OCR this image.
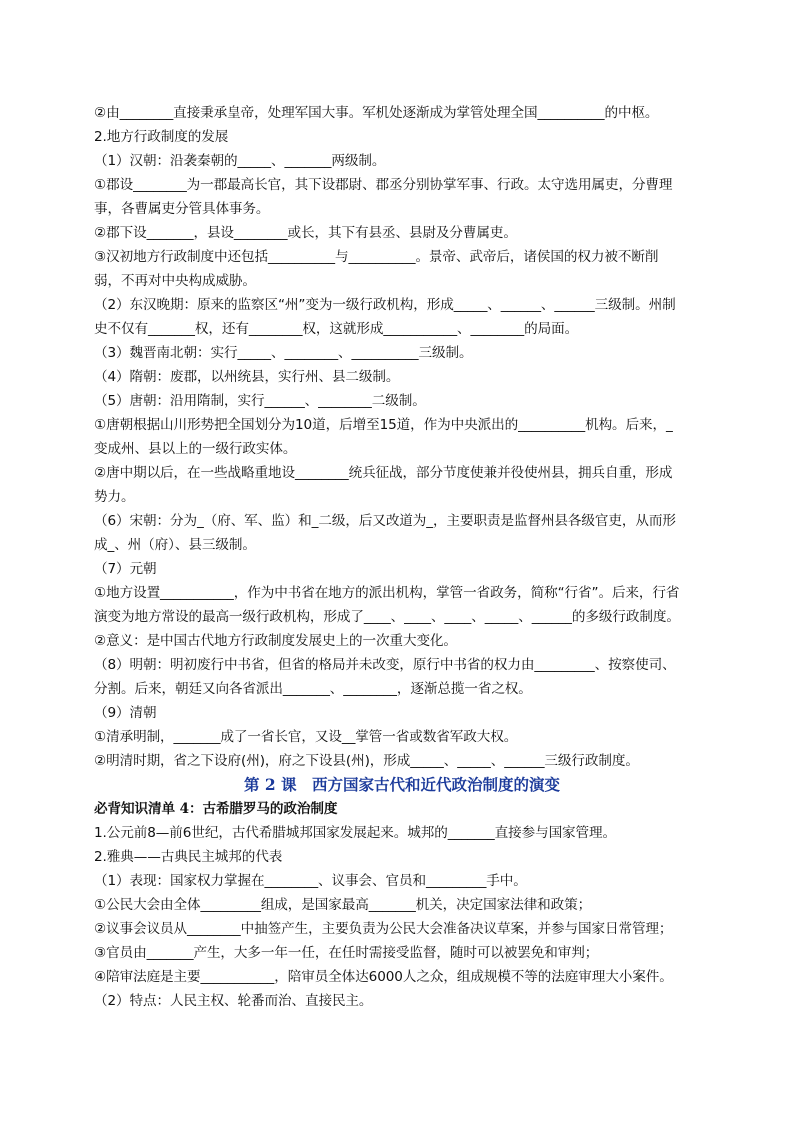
②由________直接秉承皇帝，处理军国大事。军机处逐渐成为掌管处理全国__________的中枢。
2.地方行政制度的发展
（1）汉朝：沿袭秦朝的_____、_______两级制。
①郡设________为一郡最高长官，其下设郡尉、郡丞分别协掌军事、行政。太守选用属吏，分曹理
事，各曹属吏分管具体事务。
②郡下设_______，县设________或长，其下有县丞、县尉及分曹属吏。
③汉初地方行政制度中还包括__________与__________。景帝、武帝后，诸侯国的权力被不断削
弱，不再对中央构成威胁。
（2）东汉晚期：原来的监察区“州”变为一级行政机构，形成_____、______、______三级制。州制
史不仅有_______权，还有________权，这就形成___________、________的局面。
（3）魏晋南北朝：实行_____、________、__________三级制。
（4）隋朝：废郡，以州统县，实行州、县二级制。
（5）唐朝：沿用隋制，实行______、________二级制。
①唐朝根据山川形势把全国划分为10道，后增至15道，作为中央派出的__________机构。后来，_
变成州、县以上的一级行政实体。
②唐中期以后，在一些战略重地设________统兵征战，部分节度使兼并役使州县，拥兵自重，形成
势力。
（6）宋朝：分为_（府、军、监）和_二级，后又改道为_，主要职责是监督州县各级官吏，从而形
成_、州（府）、县三级制。
（7）元朝
①地方设置___________，作为中书省在地方的派出机构，掌管一省政务，简称“行省”。后来，行省
演变为地方常设的最高一级行政机构，形成了____、____、____、_____、______的多级行政制度。
②意义：是中国古代地方行政制度发展史上的一次重大变化。
（8）明朝：明初废行中书省，但省的格局并未改变，原行中书省的权力由_________、按察使司、
分割。后来，朝廷又向各省派出_______、________，逐渐总揽一省之权。
（9）清朝
①清承明制，_______成了一省长官，又设__掌管一省或数省军政大权。
②明清时期，省之下设府(州)，府之下设县(州)，形成_____、_____、______三级行政制度。
第 2 课　西方国家古代和近代政治制度的演变
必背知识清单 4：古希腊罗马的政治制度
1.公元前8—前6世纪，古代希腊城邦国家发展起来。城邦的_______直接参与国家管理。
2.雅典——古典民主城邦的代表
（1）表现：国家权力掌握在________、议事会、官员和_________手中。
①公民大会由全体_________组成，是国家最高_______机关，决定国家法律和政策；
②议事会议员从________中抽签产生，主要负责为公民大会准备决议草案，并参与国家日常管理；
③官员由_______产生，大多一年一任，在任时需接受监督，随时可以被罢免和审判；
④陪审法庭是主要___________，陪审员全体达6000人之众，组成规模不等的法庭审理大小案件。
（2）特点：人民主权、轮番而治、直接民主。
